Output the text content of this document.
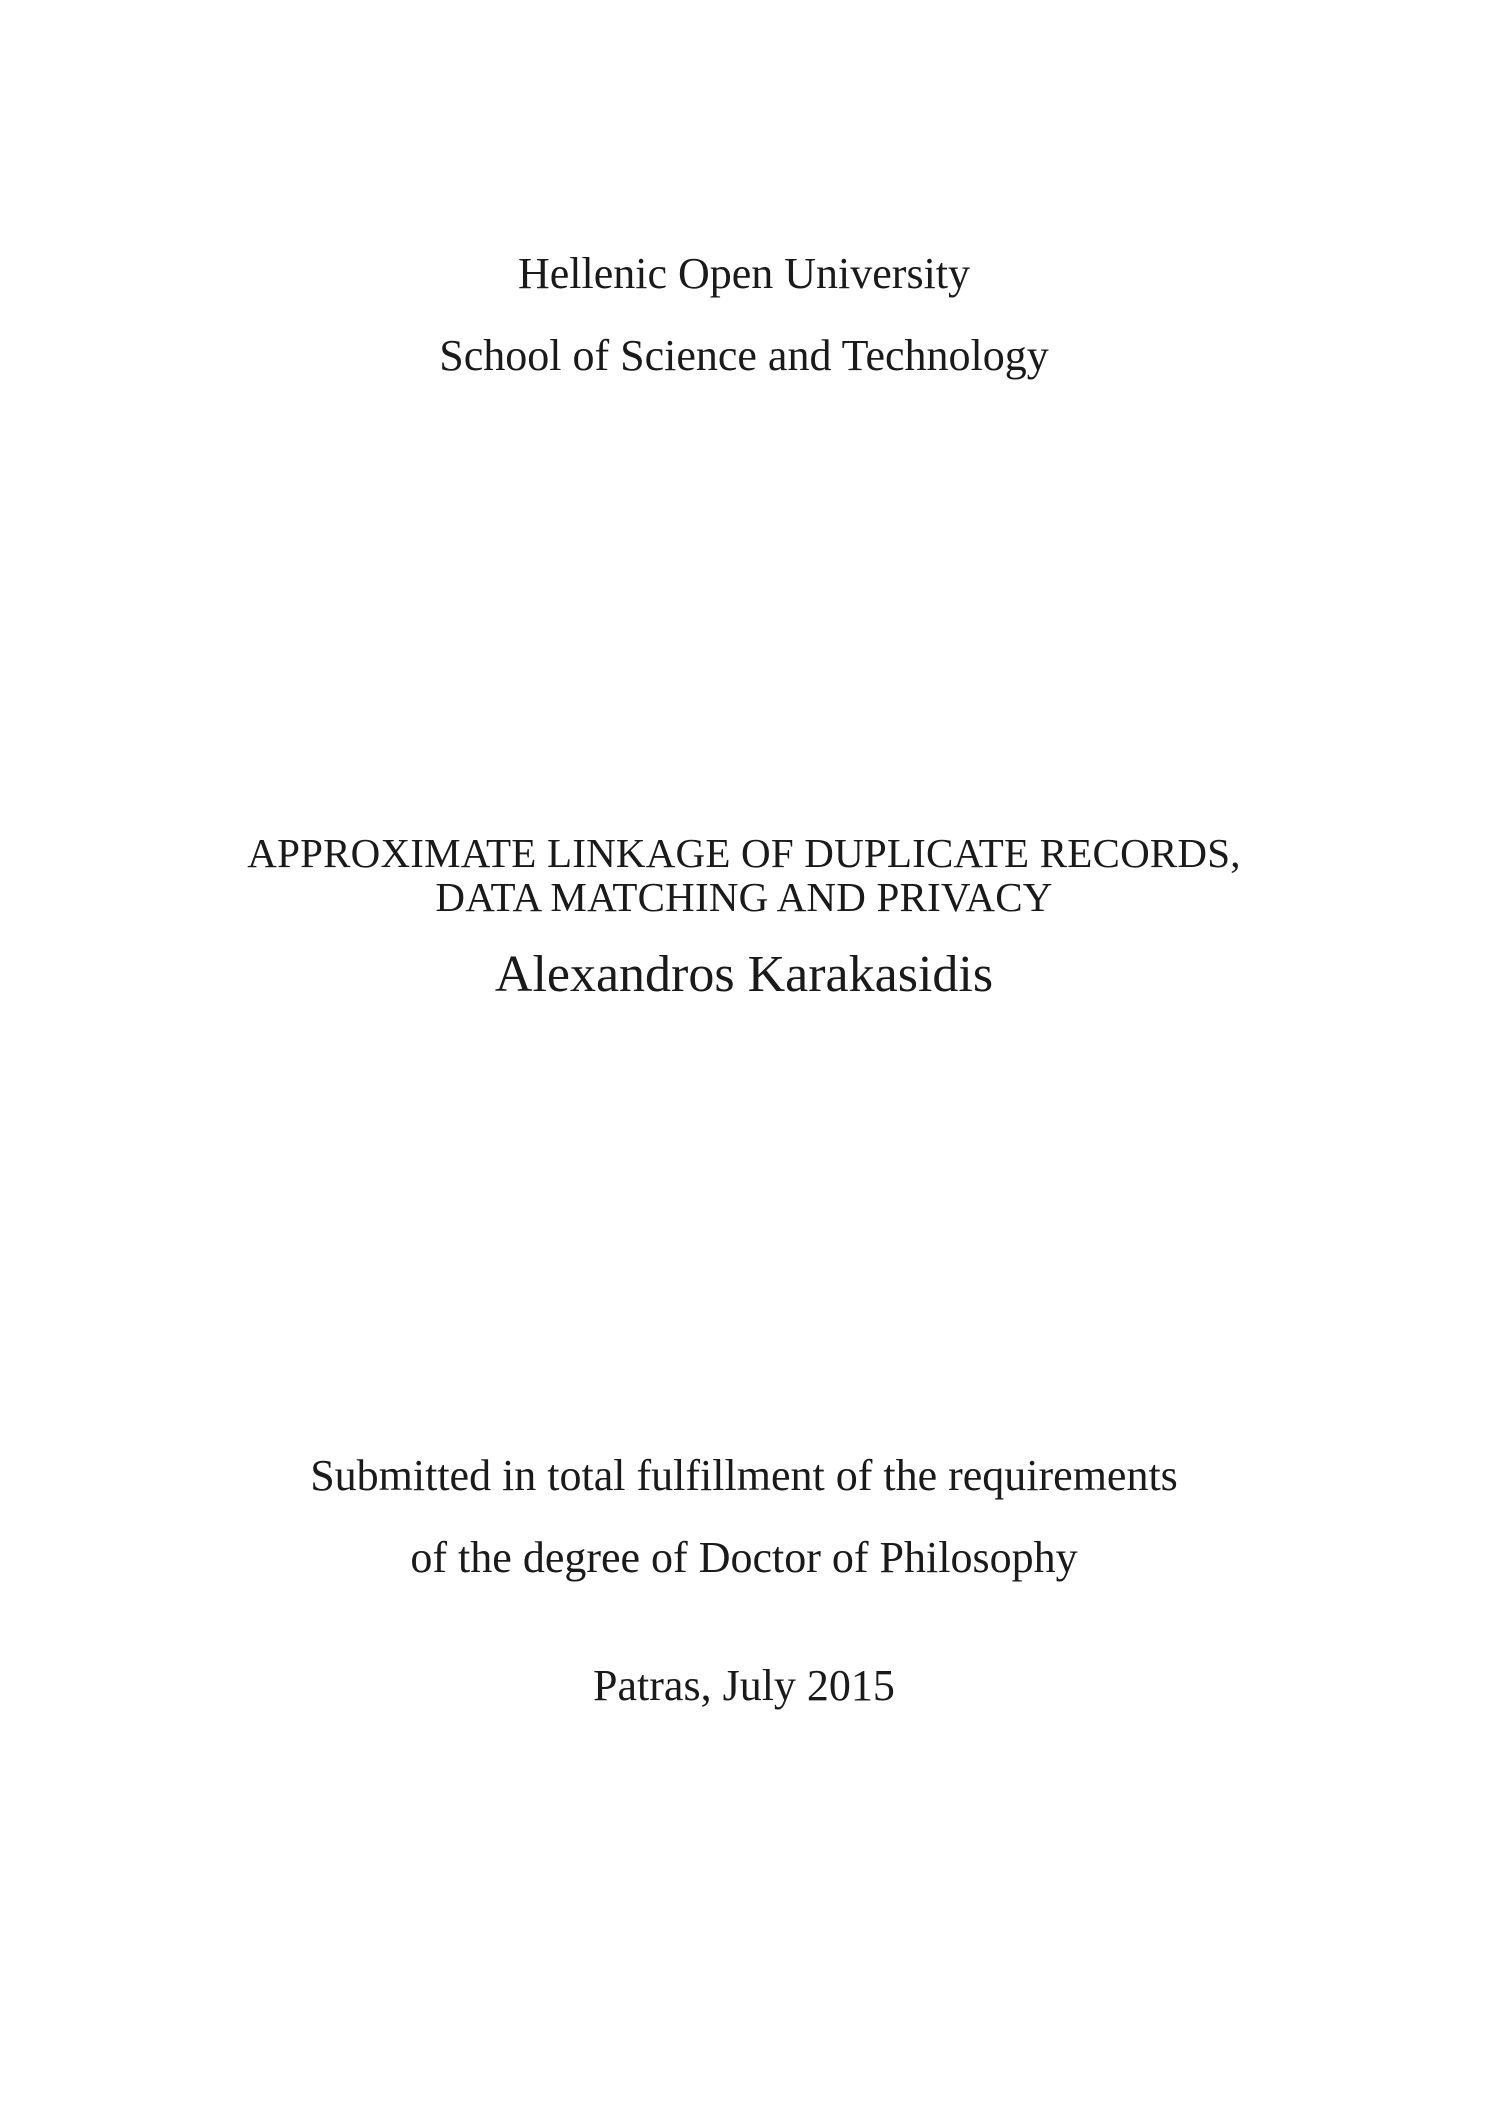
Hellenic Open University
School of Science and Technology
APPROXIMATE LINKAGE OF DUPLICATE RECORDS,
DATA MATCHING AND PRIVACY
Alexandros Karakasidis
Submitted in total fulfillment of the requirements
of the degree of Doctor of Philosophy
Patras, July 2015
